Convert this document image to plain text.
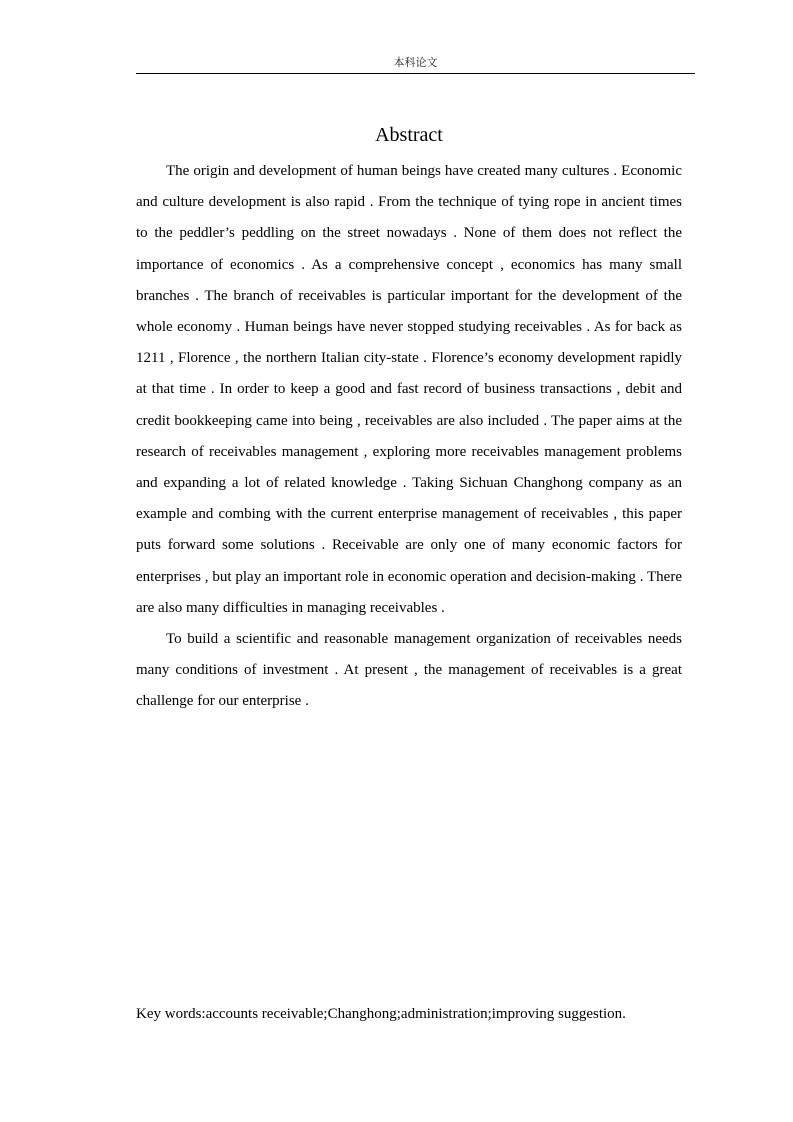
本科论文
Abstract

The origin and development of human beings have created many cultures . Economic and culture development is also rapid . From the technique of tying rope in ancient times to the peddler’s peddling on the street nowadays . None of them does not reflect the importance of economics . As a comprehensive concept , economics has many small branches . The branch of receivables is particular important for the development of the whole economy . Human beings have never stopped studying receivables . As for back as 1211 , Florence , the northern Italian city-state . Florence’s economy development rapidly at that time . In order to keep a good and fast record of business transactions , debit and credit bookkeeping came into being , receivables are also included . The paper aims at the research of receivables management , exploring more receivables management problems and expanding a lot of related knowledge . Taking Sichuan Changhong company as an example and combing with the current enterprise management of receivables , this paper puts forward some solutions . Receivable are only one of many economic factors for enterprises , but play an important role in economic operation and decision-making . There are also many difficulties in managing receivables .

To build a scientific and reasonable management organization of receivables needs many conditions of investment . At present , the management of receivables is a great challenge for our enterprise .

Key words:accounts receivable;Changhong;administration;improving suggestion.
